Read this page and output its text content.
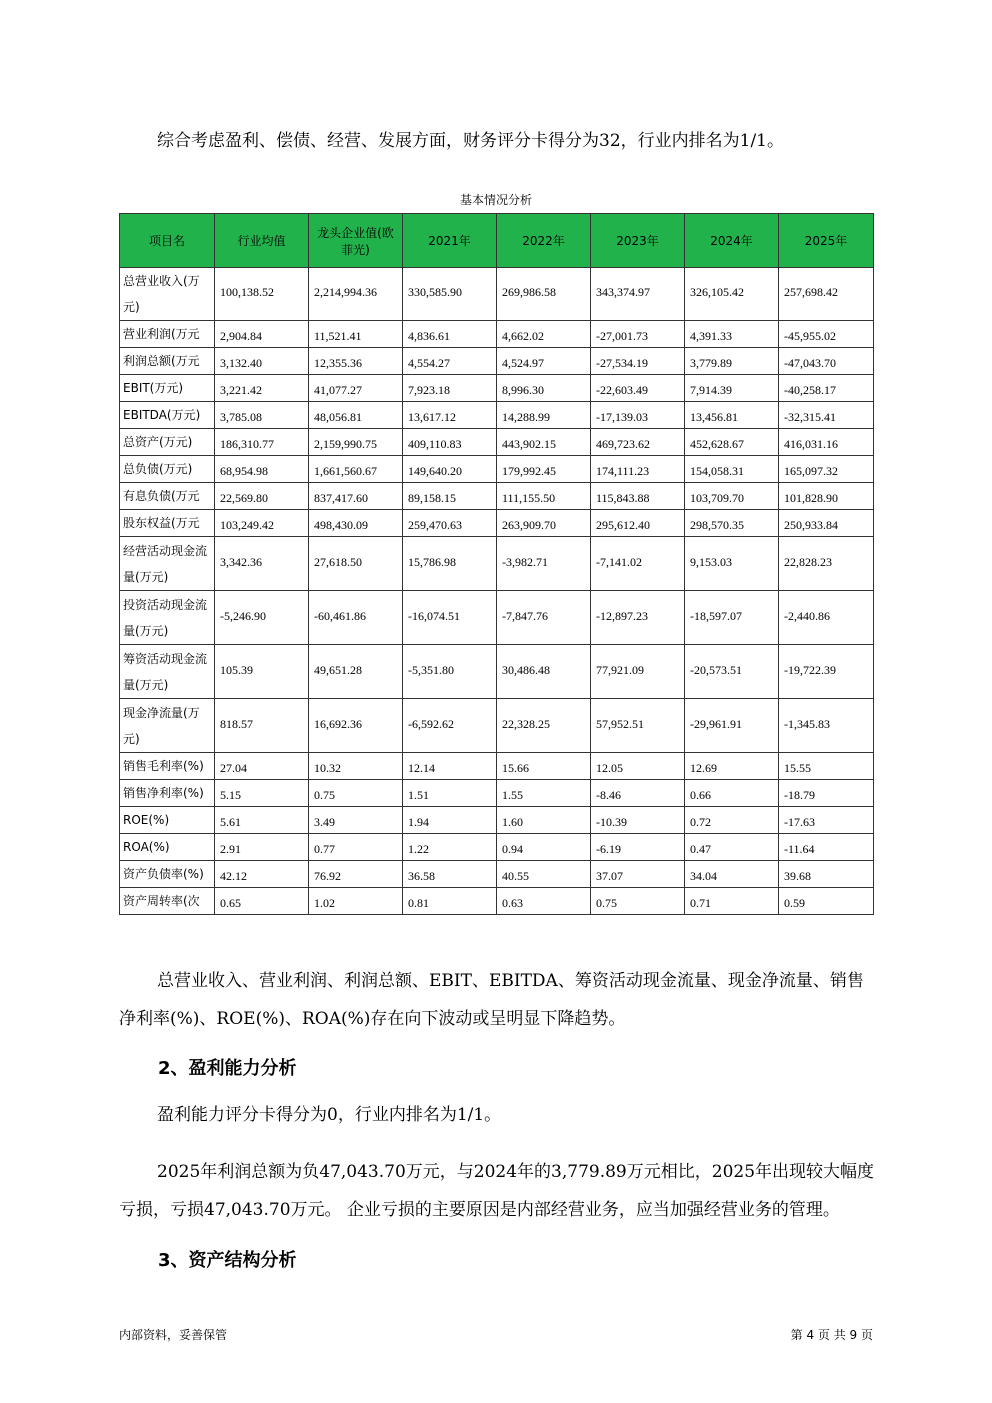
综合考虑盈利、偿债、经营、发展方面，财务评分卡得分为32，行业内排名为1/1。

基本情况分析
项目名	行业均值	龙头企业值(欧菲光)	2021年	2022年	2023年	2024年	2025年
总营业收入(万元)	100,138.52	2,214,994.36	330,585.90	269,986.58	343,374.97	326,105.42	257,698.42
营业利润(万元	2,904.84	11,521.41	4,836.61	4,662.02	-27,001.73	4,391.33	-45,955.02
利润总额(万元	3,132.40	12,355.36	4,554.27	4,524.97	-27,534.19	3,779.89	-47,043.70
EBIT(万元)	3,221.42	41,077.27	7,923.18	8,996.30	-22,603.49	7,914.39	-40,258.17
EBITDA(万元)	3,785.08	48,056.81	13,617.12	14,288.99	-17,139.03	13,456.81	-32,315.41
总资产(万元)	186,310.77	2,159,990.75	409,110.83	443,902.15	469,723.62	452,628.67	416,031.16
总负债(万元)	68,954.98	1,661,560.67	149,640.20	179,992.45	174,111.23	154,058.31	165,097.32
有息负债(万元	22,569.80	837,417.60	89,158.15	111,155.50	115,843.88	103,709.70	101,828.90
股东权益(万元	103,249.42	498,430.09	259,470.63	263,909.70	295,612.40	298,570.35	250,933.84
经营活动现金流量(万元)	3,342.36	27,618.50	15,786.98	-3,982.71	-7,141.02	9,153.03	22,828.23
投资活动现金流量(万元)	-5,246.90	-60,461.86	-16,074.51	-7,847.76	-12,897.23	-18,597.07	-2,440.86
筹资活动现金流量(万元)	105.39	49,651.28	-5,351.80	30,486.48	77,921.09	-20,573.51	-19,722.39
现金净流量(万元)	818.57	16,692.36	-6,592.62	22,328.25	57,952.51	-29,961.91	-1,345.83
销售毛利率(%)	27.04	10.32	12.14	15.66	12.05	12.69	15.55
销售净利率(%)	5.15	0.75	1.51	1.55	-8.46	0.66	-18.79
ROE(%)	5.61	3.49	1.94	1.60	-10.39	0.72	-17.63
ROA(%)	2.91	0.77	1.22	0.94	-6.19	0.47	-11.64
资产负债率(%)	42.12	76.92	36.58	40.55	37.07	34.04	39.68
资产周转率(次	0.65	1.02	0.81	0.63	0.75	0.71	0.59

总营业收入、营业利润、利润总额、EBIT、EBITDA、筹资活动现金流量、现金净流量、销售净利率(%)、ROE(%)、ROA(%)存在向下波动或呈明显下降趋势。

2、盈利能力分析

盈利能力评分卡得分为0，行业内排名为1/1。

2025年利润总额为负47,043.70万元，与2024年的3,779.89万元相比，2025年出现较大幅度亏损，亏损47,043.70万元。 企业亏损的主要原因是内部经营业务，应当加强经营业务的管理。

3、资产结构分析
内部资料，妥善保管	第 4 页 共 9 页
